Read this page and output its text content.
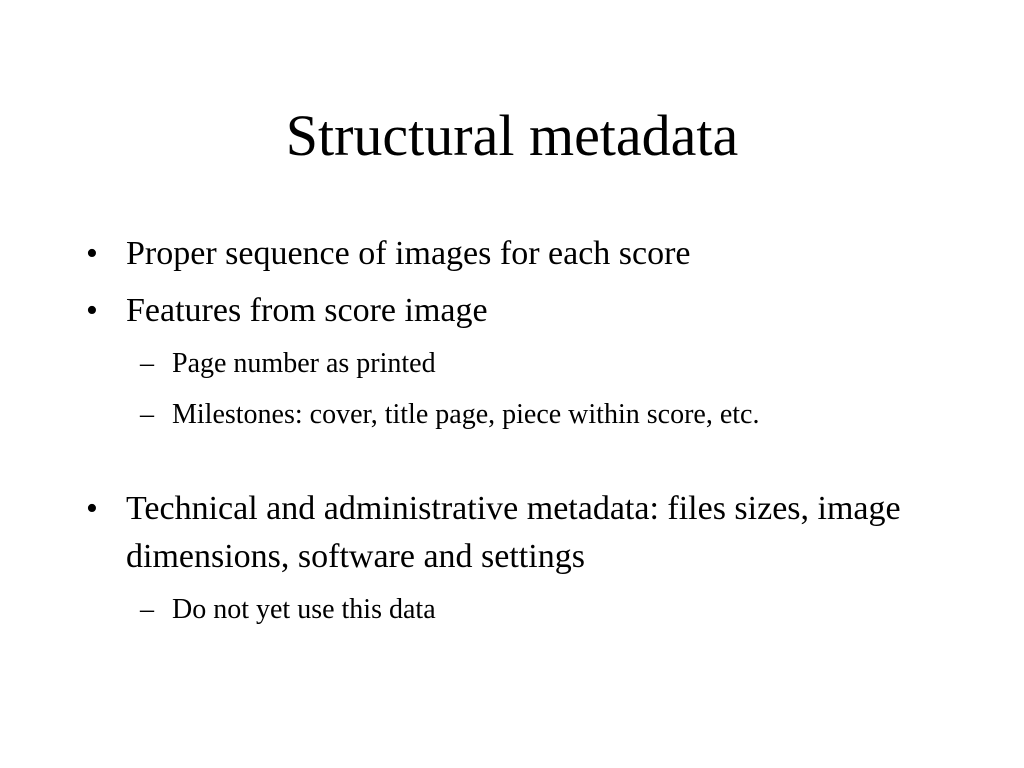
Structural metadata
• Proper sequence of images for each score
• Features from score image
– Page number as printed
– Milestones: cover, title page, piece within score, etc.
• Technical and administrative metadata: files sizes, image dimensions, software and settings
– Do not yet use this data
